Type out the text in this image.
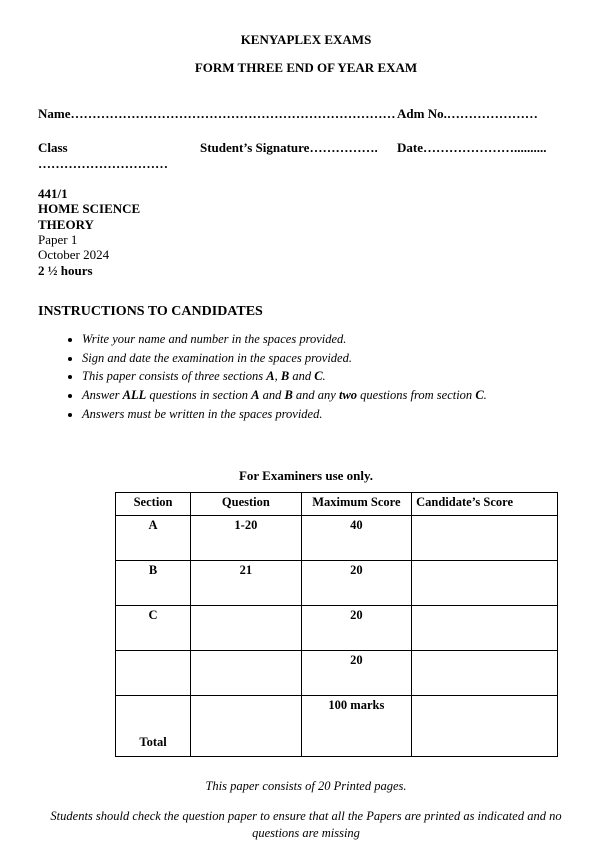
KENYAPLEX EXAMS
FORM THREE END OF YEAR EXAM
Name………………………………………………………………… Adm No.…………………
Class …………………………
Student’s Signature…………….	Date…………………..........
441/1
HOME SCIENCE
THEORY
Paper 1
October 2024
2 ½ hours
INSTRUCTIONS TO CANDIDATES
• Write your name and number in the spaces provided.
• Sign and date the examination in the spaces provided.
• This paper consists of three sections A, B and C.
• Answer ALL questions in section A and B and any two questions from section C.
• Answers must be written in the spaces provided.
For Examiners use only.
Section	Question	Maximum Score	Candidate’s Score
A	1-20	40	
B	21	20	
C		20	
		20	
Total		100 marks	
This paper consists of 20 Printed pages.
Students should check the question paper to ensure that all the Papers are printed as indicated and no questions are missing
